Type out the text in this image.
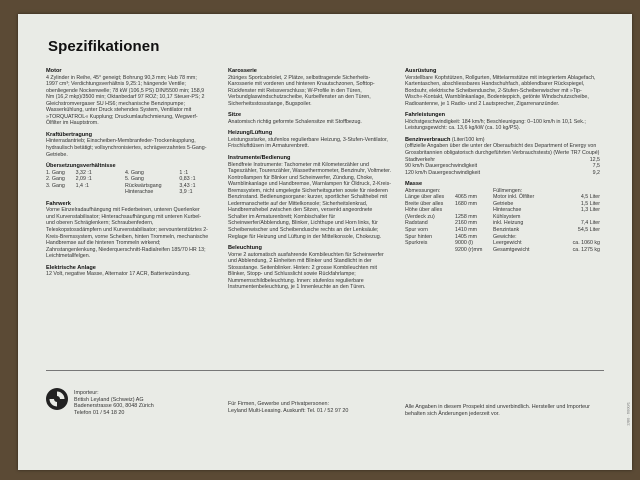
Spezifikationen
Motor
4 Zylinder in Reihe, 45° geneigt; Bohrung 90,3 mm; Hub 78 mm; 1997 cm³; Verdichtungsverhältnis 9,25:1; hängende Ventile; obenliegende Nockenwelle; 78 kW (106,5 PS) DIN/5500 min; 158,9 Nm (16,2 mkp)/3500 min; Oktanbedarf 97 ROZ; 10,17 Steuer-PS; 2 Gleichstromvergaser SU HS6; mechanische Benzinpumpe; Wasserkühlung, unter Druck stehendes System, Ventilator mit »TORQUATROL« Kupplung; Druckumlaufschmierung, Wegwerf-Ölfilter im Hauptstrom.
Kraftübertragung
Hinterradantrieb; Einscheiben-Membranfeder-Trockenkupplung, hydraulisch betätigt; vollsynchronisiertes, schrägverzahntes 5-Gang-Getriebe.
Übersetzungsverhältnisse
1. Gang	3,32 :1	4. Gang	1 :1
2. Gang	2,09 :1	5. Gang	0,83 :1
3. Gang	1,4 :1	Rückwärtsgang	3,43 :1
Hinterachse	3,9 :1
Fahrwerk
Vorne Einzelradaufhängung mit Federbeinen, unteren Querlenker und Kurvenstabilisator; Hinterachsaufhängung mit unteren Kurbel- und oberen Schräglenkern; Schraubenfedern, Teleskopstossdämpfern und Kurvenstabilisator; servounterstütztes 2-Kreis-Bremssystem, vorne Scheiben, hinten Trommeln, mechanische Handbremse auf die hinteren Trommeln wirkend; Zahnstangenlenkung, Niederquerschnitt-Radialreifen 185/70 HR 13; Leichtmetallfelgen.
Elektrische Anlage
12 Volt, negative Masse, Alternator 17 ACR, Batteriezündung.
Karosserie
2türiges Sportcabriolet, 2 Plätze, selbsttragende Sicherheits-Karosserie mit vorderen und hinteren Knautschzonen, Softtop-Rückfenster mit Reissverschluss; W-Profile in den Türen, Verbundglaswindschutzscheibe, Kurbelfenster an den Türen, Sicherheitsstossstange, Bugspoiler.
Sitze
Anatomisch richtig geformte Schalensitze mit Stoffbezug.
Heizung/Lüftung
Leistungsstarke, stufenlos regulierbare Heizung, 3-Stufen-Ventilator, Frischluftdüsen im Armaturenbrett.
Instrumente/Bedienung
Blendfreie Instrumente: Tachometer mit Kilometerzähler und Tageszähler, Tourenzähler, Wassethermometer, Benzinuhr, Voltmeter. Kontrollampen für Blinker und Scheinwerfer, Zündung, Choke, Warnblinkanlage und Handbremse, Warnlampen für Öldruck, 2-Kreis-Bremssystem, nicht umgelegte Sicherheitsgurten sowie für niederen Benzinstand. Bedienungsorgane: kurzer, sportlicher Schalthebel mit Ledermanschette auf der Mittelkonsole; Sicherheitslenkrad, Handbremshebel zwischen den Sitzen, versenkt angeordnete Schalter im Armaturenbrett; Kombischalter für Scheinwerfer/Abblendung, Blinker, Lichthupe und Horn links, für Scheibenwischer und Scheibendusche rechts an der Lenksäule; Reglage für Heizung und Lüftung in der Mittelkonsole, Chokezug.
Beleuchtung
Vorne 2 automatisch ausfahrende Kombileuchten für Scheinwerfer und Abblendung, 2 Einheiten mit Blinker und Standlicht in der Stossstange. Seitenblinker. Hinten: 2 grosse Kombileuchten mit Blinker, Stopp- und Schlusslicht sowie Rückfahrlampe; Nummernschildbeleuchtung. Innen: stufenlos regulierbare Instrumentenbeleuchtung, je 1 Innenleuchte an den Türen.
Ausrüstung
Verstellbare Kopfstützen, Rollgurten, Mittelarmstütze mit integriertem Ablagefach, Kartentaschen, abschliessbares Handschuhfach, abblendbarer Rückspiegel, Bordsuhr, elektrische Scheibendusche, 2-Stufen-Scheibenwischer mit »Tip-Wisch«-Kontakt, Warnblinkanlage, Bodenteppich, getönte Windschutzscheibe, Radioantenne, je 1 Radio- und 2 Lautsprecher, Zigarrenanzünder.
Fahrleistungen
Höchstgeschwindigkeit: 184 km/h; Beschleunigung: 0–100 km/h in 10,1 Sek.; Leistungsgewicht: ca. 13,6 kg/kW (ca. 10 kg/PS).
Benzinverbrauch (Liter/100 km)
(offizielle Angaben über die unter der Oberaufsicht des Department of Energy von Grossbritannien obligatorisch durchgeführten Verbrauchstests) (Werte TR7 Coupé)
Stadtverkehr	12,5
90 km/h Dauergeschwindigkeit	7,5
120 km/h Dauergeschwindigkeit	9,2
Masse
Abmessungen:	Füllmengen:
Länge über alles	4065 mm	Motor inkl. Ölfilter	4,5 Liter
Breite über alles	1680 mm	Getriebe	1,5 Liter
Höhe über alles	Hinterachse	1,3 Liter
(Verdeck zu)	1258 mm	Kühlsystem
Radstand	2160 mm	inkl. Heizung	7,4 Liter
Spur vorn	1410 mm	Benzintank	54,5 Liter
Spur hinten	1405 mm	Gewichte:
Spurkreis	9000 (l)	Leergewicht	ca. 1060 kg
9200 (r)mm	Gesamtgewicht	ca. 1275 kg
Importeur:
British Leyland (Schweiz) AG
Badenerstrasse 600, 8048 Zürich
Telefon 01 / 54 18 20
Für Firmen, Gewerbe und Privatpersonen:
Leyland Multi-Leasing. Auskunft: Tel. 01 / 52 97 20
Alle Angaben in diesem Prospekt sind unverbindlich. Hersteller und Importeur behalten sich Änderungen jederzeit vor.	2/80 · 6000/1
